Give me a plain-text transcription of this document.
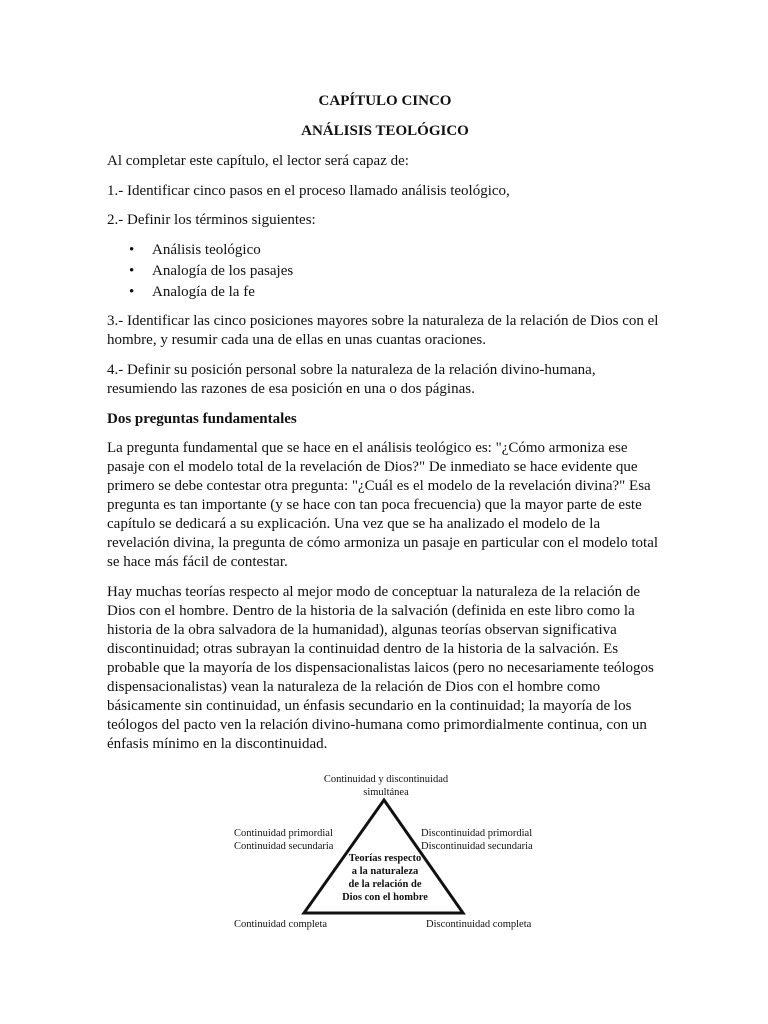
CAPÍTULO CINCO

ANÁLISIS TEOLÓGICO

Al completar este capítulo, el lector será capaz de:

1.- Identificar cinco pasos en el proceso llamado análisis teológico,

2.- Definir los términos siguientes:

• Análisis teológico
• Analogía de los pasajes
• Analogía de la fe

3.- Identificar las cinco posiciones mayores sobre la naturaleza de la relación de Dios con el

hombre, y resumir cada una de ellas en unas cuantas oraciones.

4.- Definir su posición personal sobre la naturaleza de la relación divino-humana,

resumiendo las razones de esa posición en una o dos páginas.

Dos preguntas fundamentales

La pregunta fundamental que se hace en el análisis teológico es: "¿Cómo armoniza ese

pasaje con el modelo total de la revelación de Dios?" De inmediato se hace evidente que

primero se debe contestar otra pregunta: "¿Cuál es el modelo de la revelación divina?" Esa

pregunta es tan importante (y se hace con tan poca frecuencia) que la mayor parte de este

capítulo se dedicará a su explicación. Una vez que se ha analizado el modelo de la

revelación divina, la pregunta de cómo armoniza un pasaje en particular con el modelo total

se hace más fácil de contestar.

Hay muchas teorías respecto al mejor modo de conceptuar la naturaleza de la relación de

Dios con el hombre. Dentro de la historia de la salvación (definida en este libro como la

historia de la obra salvadora de la humanidad), algunas teorías observan significativa

discontinuidad; otras subrayan la continuidad dentro de la historia de la salvación. Es

probable que la mayoría de los dispensacionalistas laicos (pero no necesariamente teólogos

dispensacionalistas) vean la naturaleza de la relación de Dios con el hombre como

básicamente sin continuidad, un énfasis secundario en la continuidad; la mayoría de los

teólogos del pacto ven la relación divino-humana como primordialmente continua, con un

énfasis mínimo en la discontinuidad.

Continuidad y discontinuidad

simultánea

Continuidad primordial

Continuidad secundaria

Discontinuidad primordial

Discontinuidad secundaria

Teorías respecto

a la naturaleza

de la relación de

Dios con el hombre

Continuidad completa	Discontinuidad completa
